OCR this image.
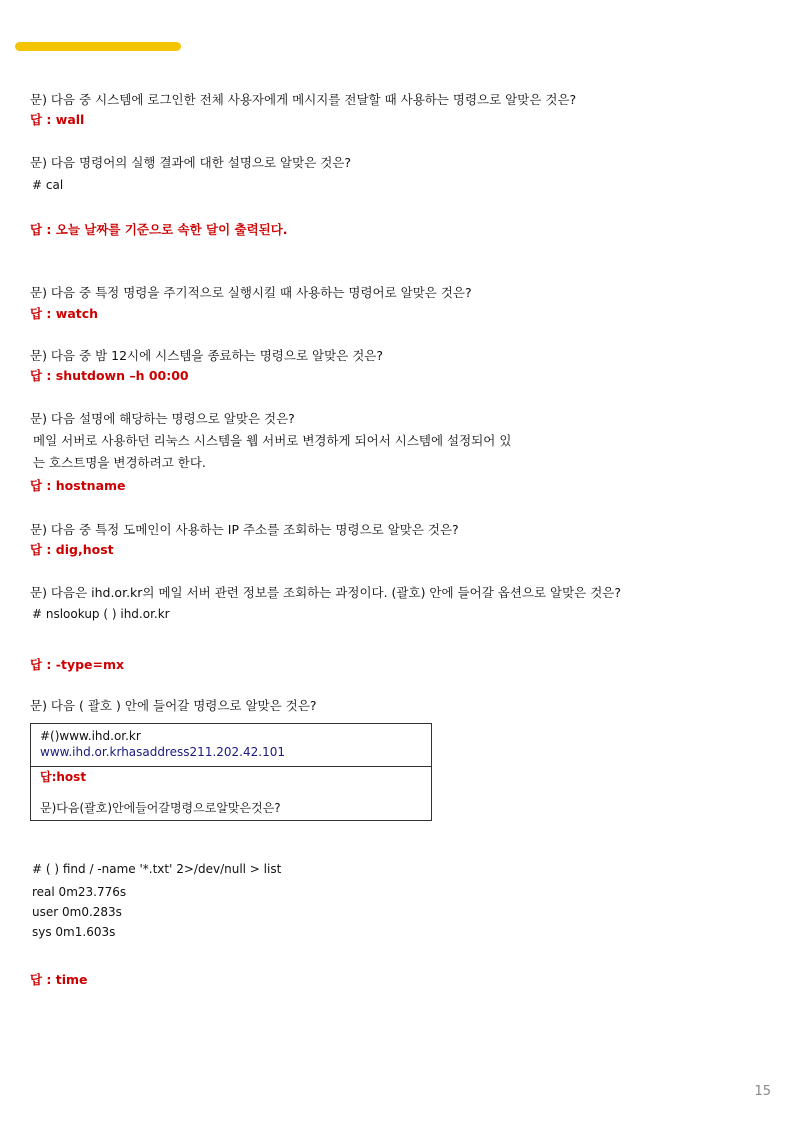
문) 다음 중 시스템에 로그인한 전체 사용자에게 메시지를 전달할 때 사용하는 명령으로 알맞은 것은?
답 : wall
문) 다음 명령어의 실행 결과에 대한 설명으로 알맞은 것은?
# cal
답 : 오늘 날짜를 기준으로 속한 달이 출력된다.
문) 다음 중 특정 명령을 주기적으로 실행시킬 때 사용하는 명령어로 알맞은 것은?
답 : watch
문) 다음 중 밤 12시에 시스템을 종료하는 명령으로 알맞은 것은?
답 : shutdown –h 00:00
문) 다음 설명에 해당하는 명령으로 알맞은 것은?
메일 서버로 사용하던 리눅스 시스템을 웹 서버로 변경하게 되어서 시스템에 설정되어 있
는 호스트명을 변경하려고 한다.
답 : hostname
문) 다음 중 특정 도메인이 사용하는 IP 주소를 조회하는 명령으로 알맞은 것은?
답 : dig,host
문) 다음은 ihd.or.kr의 메일 서버 관련 정보를 조회하는 과정이다. (괄호) 안에 들어갈 옵션으로 알맞은 것은?
# nslookup ( ) ihd.or.kr
답 : -type=mx
문) 다음 ( 괄호 ) 안에 들어갈 명령으로 알맞은 것은?
#()www.ihd.or.kr
www.ihd.or.krhasaddress211.202.42.101
답:host
문)다음(괄호)안에들어갈명령으로알맞은것은?
# ( ) find / -name '*.txt' 2>/dev/null > list
real 0m23.776s
user 0m0.283s
sys 0m1.603s
답 : time
15
